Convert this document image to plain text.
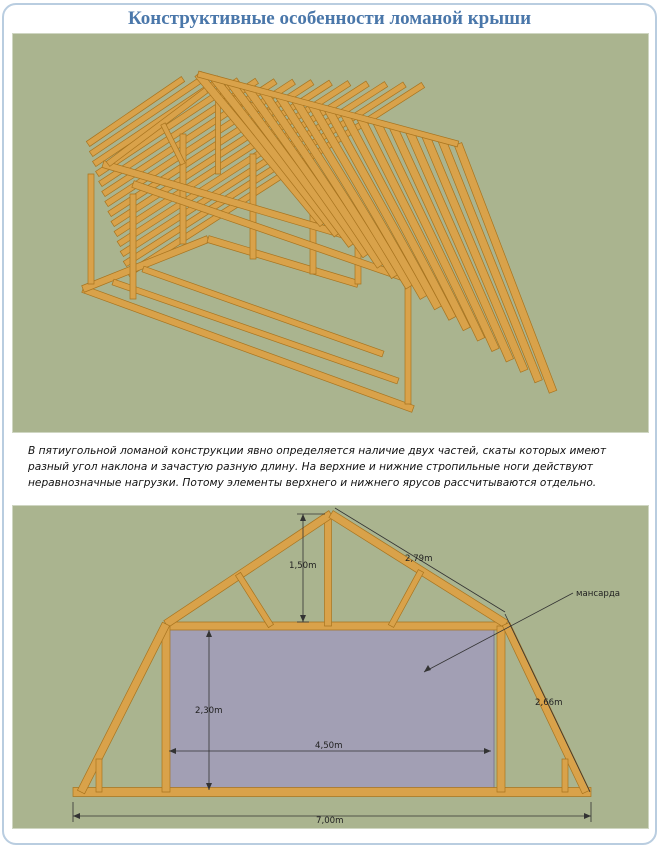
Конструктивные особенности ломаной крыши
В пятиугольной ломаной конструкции явно определяется наличие двух частей, скаты которых имеют разный угол наклона и зачастую разную длину. На верхние и нижние стропильные ноги действуют неравнозначные нагрузки. Потому элементы верхнего и нижнего ярусов рассчитываются отдельно.
1,50m
2,79m
2,66m
2,30m
4,50m
7,00m
мансарда
